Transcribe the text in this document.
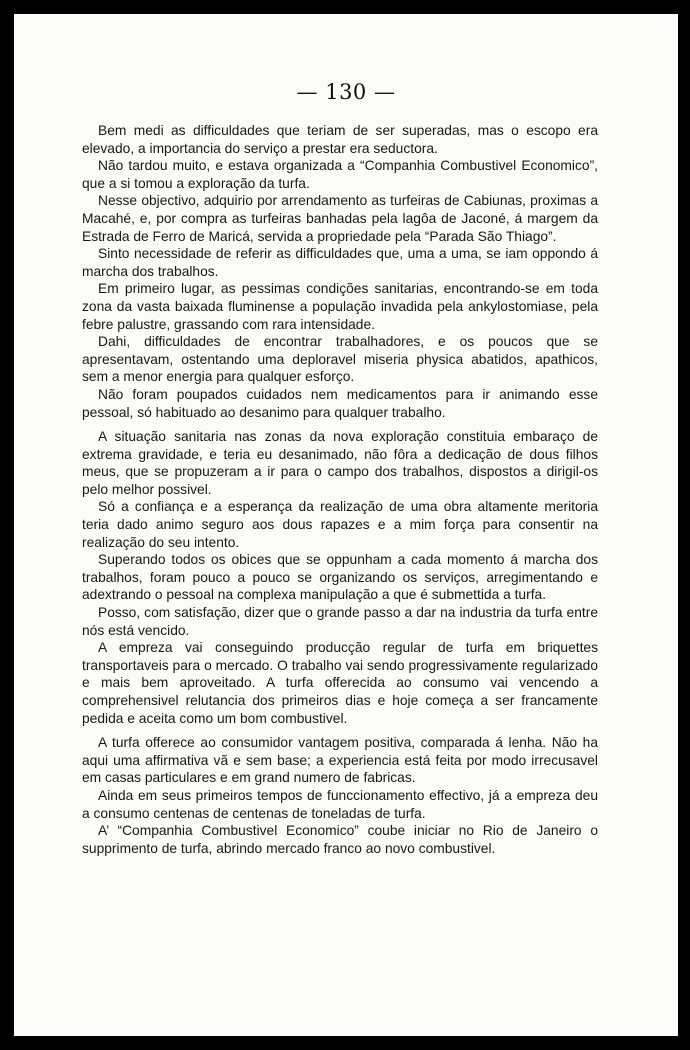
— 130 —

Bem medi as difficuldades que teriam de ser superadas, mas o escopo era elevado, a importancia do serviço a prestar era seductora.

Não tardou muito, e estava organizada a “Companhia Combustivel Economico”, que a si tomou a exploração da turfa.

Nesse objectivo, adquirio por arrendamento as turfeiras de Cabiunas, proximas a Macahé, e, por compra as turfeiras banhadas pela lagôa de Jaconé, á margem da Estrada de Ferro de Maricá, servida a propriedade pela “Parada São Thiago”.

Sinto necessidade de referir as difficuldades que, uma a uma, se iam oppondo á marcha dos trabalhos.

Em primeiro lugar, as pessimas condições sanitarias, encontrando-se em toda zona da vasta baixada fluminense a população invadida pela ankylostomiase, pela febre palustre, grassando com rara intensidade.

Dahi, difficuldades de encontrar trabalhadores, e os poucos que se apresentavam, ostentando uma deploravel miseria physica abatidos, apathicos, sem a menor energia para qualquer esforço.

Não foram poupados cuidados nem medicamentos para ir animando esse pessoal, só habituado ao desanimo para qualquer trabalho.

A situação sanitaria nas zonas da nova exploração constituia embaraço de extrema gravidade, e teria eu desanimado, não fôra a dedicação de dous filhos meus, que se propuzeram a ir para o campo dos trabalhos, dispostos a dirigil-os pelo melhor possivel.

Só a confiança e a esperança da realização de uma obra altamente meritoria teria dado animo seguro aos dous rapazes e a mim força para consentir na realização do seu intento.

Superando todos os obices que se oppunham a cada momento á marcha dos trabalhos, foram pouco a pouco se organizando os serviços, arregimentando e adextrando o pessoal na complexa manipulação a que é submettida a turfa.

Posso, com satisfação, dizer que o grande passo a dar na industria da turfa entre nós está vencido.

A empreza vai conseguindo producção regular de turfa em briquettes transportaveis para o mercado. O trabalho vai sendo progressivamente regularizado e mais bem aproveitado. A turfa offerecida ao consumo vai vencendo a comprehensivel relutancia dos primeiros dias e hoje começa a ser francamente pedida e aceita como um bom combustivel.

A turfa offerece ao consumidor vantagem positiva, comparada á lenha. Não ha aqui uma affirmativa vã e sem base; a experiencia está feita por modo irrecusavel em casas particulares e em grand numero de fabricas.

Ainda em seus primeiros tempos de funccionamento effectivo, já a empreza deu a consumo centenas de centenas de toneladas de turfa.

A’ “Companhia Combustivel Economico” coube iniciar no Rio de Janeiro o supprimento de turfa, abrindo mercado franco ao novo combustivel.
